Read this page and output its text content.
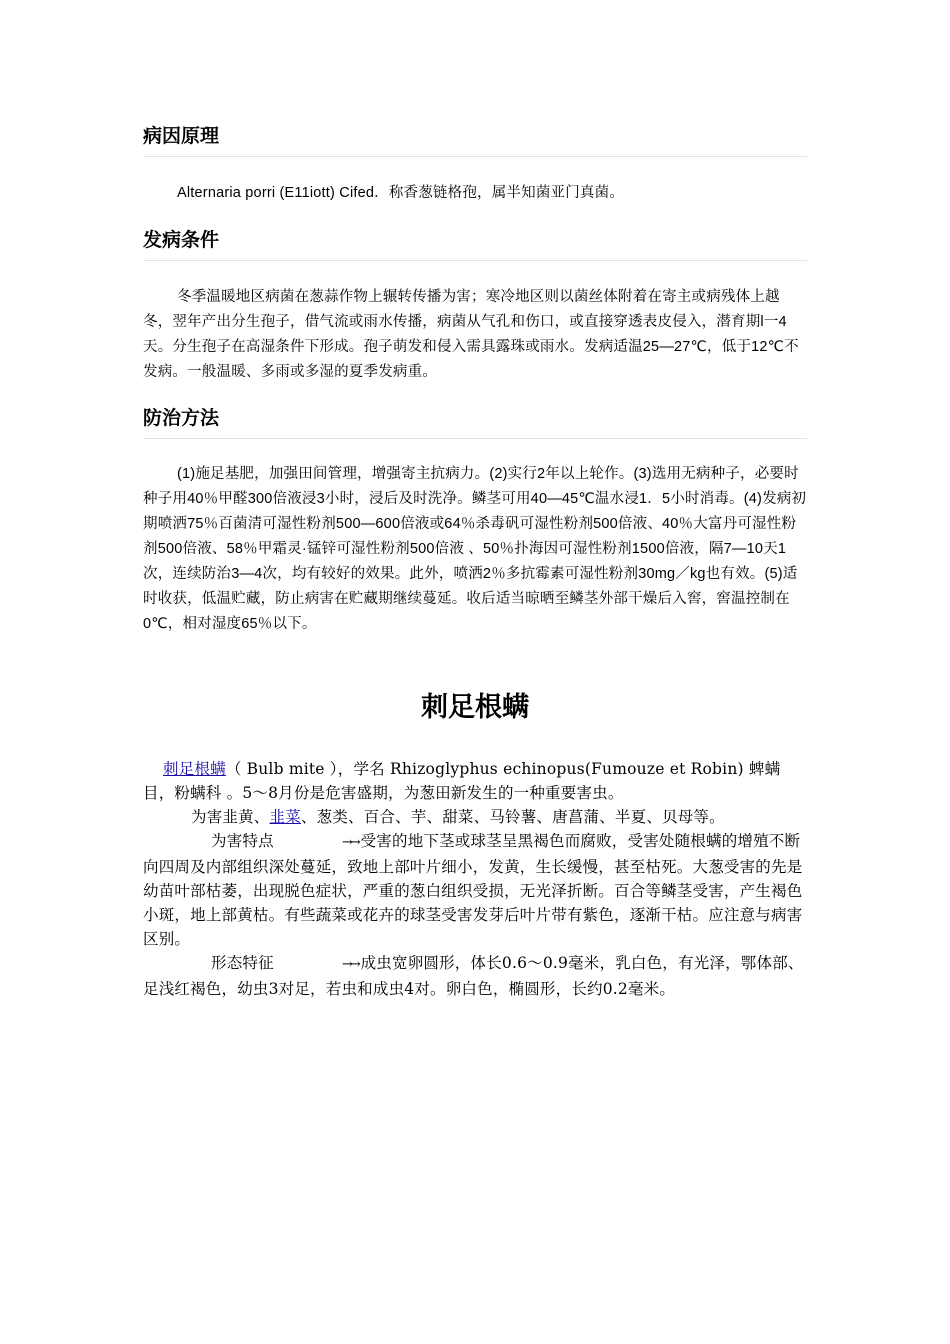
病因原理

Alternaria porri (E11iott) Cifed．称香葱链格孢，属半知菌亚门真菌。

发病条件

冬季温暖地区病菌在葱蒜作物上辗转传播为害；寒冷地区则以菌丝体附着在寄主或病残体上越冬，翌年产出分生孢子，借气流或雨水传播，病菌从气孔和伤口，或直接穿透表皮侵入，潜育期l一4天。分生孢子在高湿条件下形成。孢子萌发和侵入需具露珠或雨水。发病适温25—27℃，低于12℃不发病。一般温暖、多雨或多湿的夏季发病重。

防治方法

(1)施足基肥，加强田间管理，增强寄主抗病力。(2)实行2年以上轮作。(3)选用无病种子，必要时种子用40％甲醛300倍液浸3小时，浸后及时洗净。鳞茎可用40—45℃温水浸1．5小时消毒。(4)发病初期喷洒75％百菌清可湿性粉剂500—600倍液或64％杀毒矾可湿性粉剂500倍液、40％大富丹可湿性粉剂500倍液、58％甲霜灵·锰锌可湿性粉剂500倍液 、50％扑海因可湿性粉剂1500倍液，隔7—10天1次，连续防治3—4次，均有较好的效果。此外，喷洒2％多抗霉素可湿性粉剂30mg／kg也有效。(5)适时收获，低温贮藏，防止病害在贮藏期继续蔓延。收后适当晾晒至鳞茎外部干燥后入窖，窖温控制在0℃，相对湿度65％以下。

刺足根螨

刺足根螨（ Bulb mite ），学名 Rhizoglyphus echinopus(Fumouze et Robin) 蜱螨目，粉螨科 。5～8月份是危害盛期，为葱田新发生的一种重要害虫。

为害韭黄、韭菜、葱类、百合、芋、甜菜、马铃薯、唐菖蒲、半夏、贝母等。

为害特点	→→ 受害的地下茎或球茎呈黑褐色而腐败，受害处随根螨的增殖不断向四周及内部组织深处蔓延，致地上部叶片细小，发黄，生长缓慢，甚至枯死。大葱受害的先是幼苗叶部枯萎，出现脱色症状，严重的葱白组织受损，无光泽折断。百合等鳞茎受害，产生褐色小斑，地上部黄枯。有些蔬菜或花卉的球茎受害发芽后叶片带有紫色，逐渐干枯。应注意与病害区别。

形态特征	→→ 成虫宽卵圆形，体长0.6～0.9毫米，乳白色，有光泽，鄂体部、足浅红褐色，幼虫3对足，若虫和成虫4对。卵白色，椭圆形，长约0.2毫米。
